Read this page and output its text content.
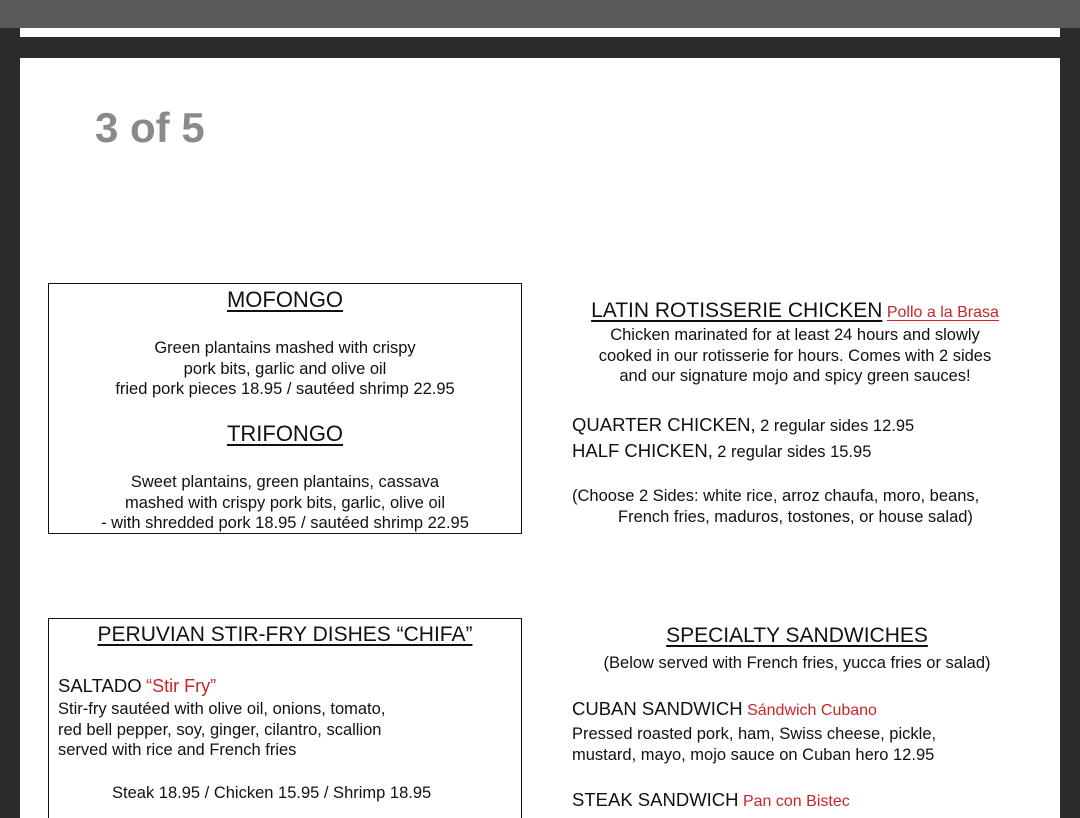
3 of 5
MOFONGO
Green plantains mashed with crispy
pork bits, garlic and olive oil
fried pork pieces 18.95 / sautéed shrimp 22.95
TRIFONGO
Sweet plantains, green plantains, cassava
mashed with crispy pork bits, garlic, olive oil
- with shredded pork 18.95 / sautéed shrimp 22.95
LATIN ROTISSERIE CHICKEN Pollo a la Brasa
Chicken marinated for at least 24 hours and slowly
cooked in our rotisserie for hours. Comes with 2 sides
and our signature mojo and spicy green sauces!
QUARTER CHICKEN, 2 regular sides 12.95
HALF CHICKEN, 2 regular sides 15.95
(Choose 2 Sides: white rice, arroz chaufa, moro, beans,
French fries, maduros, tostones, or house salad)
PERUVIAN STIR-FRY DISHES “CHIFA”
SALTADO “Stir Fry”
Stir-fry sautéed with olive oil, onions, tomato,
red bell pepper, soy, ginger, cilantro, scallion
served with rice and French fries
Steak 18.95 / Chicken 15.95 / Shrimp 18.95
SPECIALTY SANDWICHES
(Below served with French fries, yucca fries or salad)
CUBAN SANDWICH Sándwich Cubano
Pressed roasted pork, ham, Swiss cheese, pickle,
mustard, mayo, mojo sauce on Cuban hero 12.95
STEAK SANDWICH Pan con Bistec
